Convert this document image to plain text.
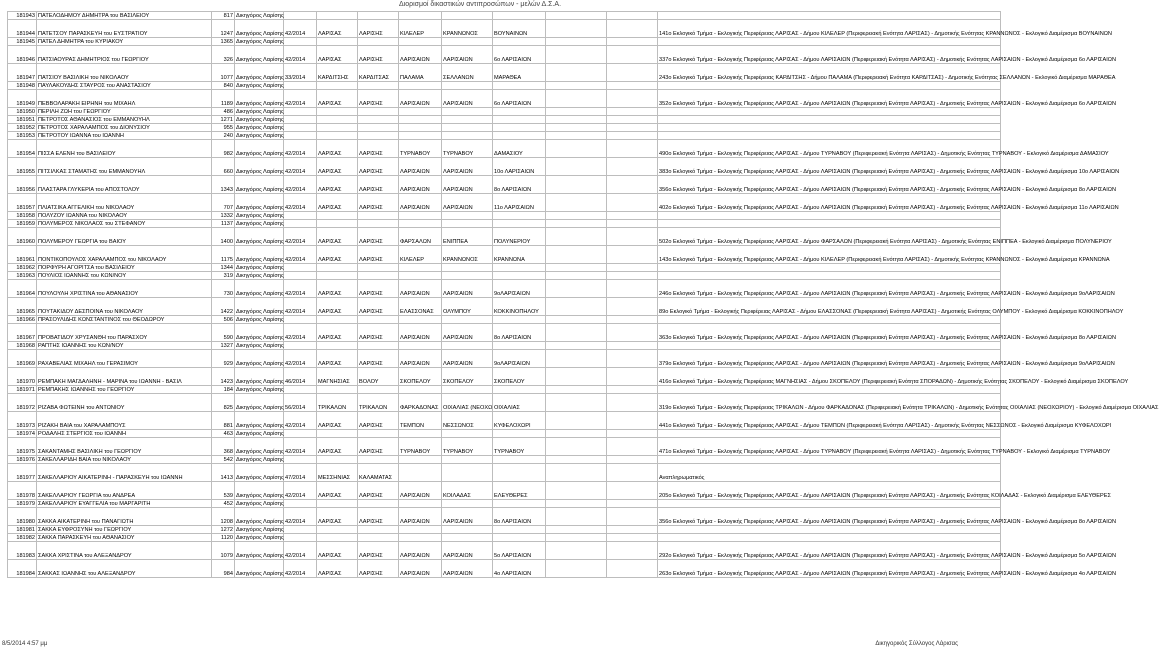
Διορισμοί δικαστικών αντιπροσώπων - μελών Δ.Σ.Α.
181943	ΠΑΤΕΛΟΔΗΜΟΥ ΔΗΜΗΤΡΑ του ΒΑΣΙΛΕΙΟΥ	817	Δικηγόρος Λαρίσης									
181944	ΠΑΤΕΤΣΟΥ ΠΑΡΑΣΚΕΥΗ του ΕΥΣΤΡΑΤΙΟΥ	1247	Δικηγόρος Λαρίσης	42/2014	ΛΑΡΙΣΑΣ	ΛΑΡΙΣΗΣ	ΚΙΛΕΛΕΡ	ΚΡΑΝΝΩΝΟΣ	ΒΟΥΝΑΙΝΩΝ			141ο Εκλογικό Τμήμα - Εκλογικής Περιφέρειας ΛΑΡΙΣΑΣ - Δήμου ΚΙΛΕΛΕΡ (Περιφερειακή Ενότητα ΛΑΡΙΣΑΣ) - Δημοτικής Ενότητας ΚΡΑΝΝΩΝΟΣ - Εκλογικό Διαμέρισμα ΒΟΥΝΑΙΝΩΝ
181945	ΠΑΤΕΛ ΔΗΜΗΤΡΑ του ΚΥΡΙΑΚΟΥ	1365	Δικηγόρος Λαρίσης									
181946	ΠΑΤΣΙΑΟΥΡΑΣ ΔΗΜΗΤΡΙΟΣ του ΓΕΩΡΓΙΟΥ	326	Δικηγόρος Λαρίσης	42/2014	ΛΑΡΙΣΑΣ	ΛΑΡΙΣΗΣ	ΛΑΡΙΣΑΙΩΝ	ΛΑΡΙΣΑΙΩΝ	6ο ΛΑΡΙΣΑΙΩΝ			337ο Εκλογικό Τμήμα - Εκλογικής Περιφέρειας ΛΑΡΙΣΑΣ - Δήμου ΛΑΡΙΣΑΙΩΝ (Περιφερειακή Ενότητα ΛΑΡΙΣΑΣ) - Δημοτικής Ενότητας ΛΑΡΙΣΑΙΩΝ - Εκλογικό Διαμέρισμα 6ο ΛΑΡΙΣΑΙΩΝ
181947	ΠΑΤΣΙΟΥ ΒΑΣΙΛΙΚΗ του ΝΙΚΟΛΑΟΥ	1077	Δικηγόρος Λαρίσης	33/2014	ΚΑΡΔΙΤΣΗΣ	ΚΑΡΔΙΤΣΑΣ	ΠΑΛΑΜΑ	ΣΕΛΛΑΝΩΝ	ΜΑΡΑΘΕΑ			243ο Εκλογικό Τμήμα - Εκλογικής Περιφέρειας ΚΑΡΔΙΤΣΗΣ - Δήμου ΠΑΛΑΜΑ (Περιφερειακή Ενότητα ΚΑΡΔΙΤΣΑΣ) - Δημοτικής Ενότητας ΣΕΛΛΑΝΩΝ - Εκλογικό Διαμέρισμα ΜΑΡΑΘΕΑ
181948	ΠΑΥΛΑΚΟΥΔΗΣ ΣΤΑΥΡΟΣ του ΑΝΑΣΤΑΣΙΟΥ	840	Δικηγόρος Λαρίσης									
181949	ΠΕΒΒΟΛΑΡΑΚΗ ΕΙΡΗΝΗ του ΜΙΧΑΗΛ	1189	Δικηγόρος Λαρίσης	42/2014	ΛΑΡΙΣΑΣ	ΛΑΡΙΣΗΣ	ΛΑΡΙΣΑΙΩΝ	ΛΑΡΙΣΑΙΩΝ	6ο ΛΑΡΙΣΑΙΩΝ			352ο Εκλογικό Τμήμα - Εκλογικής Περιφέρειας ΛΑΡΙΣΑΣ - Δήμου ΛΑΡΙΣΑΙΩΝ (Περιφερειακή Ενότητα ΛΑΡΙΣΑΣ) - Δημοτικής Ενότητας ΛΑΡΙΣΑΙΩΝ - Εκλογικό Διαμέρισμα 6ο ΛΑΡΙΣΑΙΩΝ
181950	ΠΕΡΙΛΗ ΖΩΗ του ΓΕΩΡΓΙΟΥ	486	Δικηγόρος Λαρίσης									
181951	ΠΕΤΡΟΤΟΣ ΑΘΑΝΑΣΙΟΣ του ΕΜΜΑΝΟΥΗΛ	1271	Δικηγόρος Λαρίσης									
181952	ΠΕΤΡΟΤΟΣ ΧΑΡΑΛΑΜΠΟΣ του ΔΙΟΝΥΣΙΟΥ	955	Δικηγόρος Λαρίσης									
181953	ΠΕΤΡΟΤΟΥ ΙΩΑΝΝΑ του ΙΩΑΝΝΗ	240	Δικηγόρος Λαρίσης									
181954	ΠΙΣΣΑ ΕΛΕΝΗ του ΒΑΣΙΛΕΙΟΥ	982	Δικηγόρος Λαρίσης	42/2014	ΛΑΡΙΣΑΣ	ΛΑΡΙΣΗΣ	ΤΥΡΝΑΒΟΥ	ΤΥΡΝΑΒΟΥ	ΔΑΜΑΣΙΟΥ			490ο Εκλογικό Τμήμα - Εκλογικής Περιφέρειας ΛΑΡΙΣΑΣ - Δήμου ΤΥΡΝΑΒΟΥ (Περιφερειακή Ενότητα ΛΑΡΙΣΑΣ) - Δημοτικής Ενότητας ΤΥΡΝΑΒΟΥ - Εκλογικό Διαμέρισμα ΔΑΜΑΣΙΟΥ
181955	ΠΙΤΣΙΛΚΑΣ ΣΤΑΜΑΤΗΣ του ΕΜΜΑΝΟΥΗΛ	660	Δικηγόρος Λαρίσης	42/2014	ΛΑΡΙΣΑΣ	ΛΑΡΙΣΗΣ	ΛΑΡΙΣΑΙΩΝ	ΛΑΡΙΣΑΙΩΝ	10ο ΛΑΡΙΣΑΙΩΝ			383ο Εκλογικό Τμήμα - Εκλογικής Περιφέρειας ΛΑΡΙΣΑΣ - Δήμου ΛΑΡΙΣΑΙΩΝ (Περιφερειακή Ενότητα ΛΑΡΙΣΑΣ) - Δημοτικής Ενότητας ΛΑΡΙΣΑΙΩΝ - Εκλογικό Διαμέρισμα 10ο ΛΑΡΙΣΑΙΩΝ
181956	ΠΛΑΣΤΑΡΑ ΓΛΥΚΕΡΙΑ του ΑΠΟΣΤΟΛΟΥ	1343	Δικηγόρος Λαρίσης	42/2014	ΛΑΡΙΣΑΣ	ΛΑΡΙΣΗΣ	ΛΑΡΙΣΑΙΩΝ	ΛΑΡΙΣΑΙΩΝ	8ο ΛΑΡΙΣΑΙΩΝ			356ο Εκλογικό Τμήμα - Εκλογικής Περιφέρειας ΛΑΡΙΣΑΣ - Δήμου ΛΑΡΙΣΑΙΩΝ (Περιφερειακή Ενότητα ΛΑΡΙΣΑΣ) - Δημοτικής Ενότητας ΛΑΡΙΣΑΙΩΝ - Εκλογικό Διαμέρισμα 8ο ΛΑΡΙΣΑΙΩΝ
181957	ΠΛΙΑΤΣΙΚΑ ΑΓΓΕΛΙΚΗ του ΝΙΚΟΛΑΟΥ	707	Δικηγόρος Λαρίσης	42/2014	ΛΑΡΙΣΑΣ	ΛΑΡΙΣΗΣ	ΛΑΡΙΣΑΙΩΝ	ΛΑΡΙΣΑΙΩΝ	11ο ΛΑΡΙΣΑΙΩΝ			402ο Εκλογικό Τμήμα - Εκλογικής Περιφέρειας ΛΑΡΙΣΑΣ - Δήμου ΛΑΡΙΣΑΙΩΝ (Περιφερειακή Ενότητα ΛΑΡΙΣΑΣ) - Δημοτικής Ενότητας ΛΑΡΙΣΑΙΩΝ - Εκλογικό Διαμέρισμα 11ο ΛΑΡΙΣΑΙΩΝ
181958	ΠΟΛΥΖΟΥ ΙΩΑΝΝΑ του ΝΙΚΟΛΑΟΥ	1332	Δικηγόρος Λαρίσης									
181959	ΠΟΛΥΜΕΡΟΣ ΝΙΚΟΛΑΟΣ του ΣΤΕΦΑΝΟΥ	1137	Δικηγόρος Λαρίσης									
181960	ΠΟΛΥΜΕΡΟΥ ΓΕΩΡΓΙΑ του ΒΑΙΟΥ	1400	Δικηγόρος Λαρίσης	42/2014	ΛΑΡΙΣΑΣ	ΛΑΡΙΣΗΣ	ΦΑΡΣΑΛΩΝ	ΕΝΙΠΠΕΑ	ΠΟΛΥΝΕΡΙΟΥ			502ο Εκλογικό Τμήμα - Εκλογικής Περιφέρειας ΛΑΡΙΣΑΣ - Δήμου ΦΑΡΣΑΛΩΝ (Περιφερειακή Ενότητα ΛΑΡΙΣΑΣ) - Δημοτικής Ενότητας ΕΝΙΠΠΕΑ - Εκλογικό Διαμέρισμα ΠΟΛΥΝΕΡΙΟΥ
181961	ΠΟΝΤΙΚΟΠΟΥΛΟΣ ΧΑΡΑΛΑΜΠΟΣ του ΝΙΚΟΛΑΟΥ	1175	Δικηγόρος Λαρίσης	42/2014	ΛΑΡΙΣΑΣ	ΛΑΡΙΣΗΣ	ΚΙΛΕΛΕΡ	ΚΡΑΝΝΩΝΟΣ	ΚΡΑΝΝΩΝΑ			143ο Εκλογικό Τμήμα - Εκλογικής Περιφέρειας ΛΑΡΙΣΑΣ - Δήμου ΚΙΛΕΛΕΡ (Περιφερειακή Ενότητα ΛΑΡΙΣΑΣ) - Δημοτικής Ενότητας ΚΡΑΝΝΩΝΟΣ - Εκλογικό Διαμέρισμα ΚΡΑΝΝΩΝΑ
181962	ΠΟΡΦΥΡΗ ΑΓΟΡΙΤΣΑ του ΒΑΣΙΛΕΙΟΥ	1344	Δικηγόρος Λαρίσης									
181963	ΠΟΥΛΙΟΣ ΙΩΑΝΝΗΣ του ΚΩΝ/ΝΟΥ	319	Δικηγόρος Λαρίσης									
181964	ΠΟΥΛΟΥΛΗ ΧΡΙΣΤΙΝΑ του ΑΘΑΝΑΣΙΟΥ	730	Δικηγόρος Λαρίσης	42/2014	ΛΑΡΙΣΑΣ	ΛΑΡΙΣΗΣ	ΛΑΡΙΣΑΙΩΝ	ΛΑΡΙΣΑΙΩΝ	9οΛΑΡΙΣΑΙΩΝ			246ο Εκλογικό Τμήμα - Εκλογικής Περιφέρειας ΛΑΡΙΣΑΣ - Δήμου ΛΑΡΙΣΑΙΩΝ (Περιφερειακή Ενότητα ΛΑΡΙΣΑΣ) - Δημοτικής Ενότητας ΛΑΡΙΣΑΙΩΝ - Εκλογικό Διαμέρισμα 9οΛΑΡΙΣΑΙΩΝ
181965	ΠΟΥΤΑΚΙΔΟΥ ΔΕΣΠΟΙΝΑ του ΝΙΚΟΛΑΟΥ	1422	Δικηγόρος Λαρίσης	42/2014	ΛΑΡΙΣΑΣ	ΛΑΡΙΣΗΣ	ΕΛΑΣΣΟΝΑΣ	ΟΛΥΜΠΟΥ	ΚΟΚΚΙΝΟΠΗΛΟΥ			89ο Εκλογικό Τμήμα - Εκλογικής Περιφέρειας ΛΑΡΙΣΑΣ - Δήμου ΕΛΑΣΣΟΝΑΣ (Περιφερειακή Ενότητα ΛΑΡΙΣΑΣ) - Δημοτικής Ενότητας ΟΛΥΜΠΟΥ - Εκλογικό Διαμέρισμα ΚΟΚΚΙΝΟΠΗΛΟΥ
181966	ΠΡΑΣΟΥΛΙΔΗΣ ΚΩΝΣΤΑΝΤΙΝΟΣ του ΘΕΟΔΩΡΟΥ	506	Δικηγόρος Λαρίσης									
181967	ΠΡΟΒΑΤΙΔΟΥ ΧΡΥΣΑΝΘΗ του ΠΑΡΑΣΧΟΥ	590	Δικηγόρος Λαρίσης	42/2014	ΛΑΡΙΣΑΣ	ΛΑΡΙΣΗΣ	ΛΑΡΙΣΑΙΩΝ	ΛΑΡΙΣΑΙΩΝ	8ο ΛΑΡΙΣΑΙΩΝ			363ο Εκλογικό Τμήμα - Εκλογικής Περιφέρειας ΛΑΡΙΣΑΣ - Δήμου ΛΑΡΙΣΑΙΩΝ (Περιφερειακή Ενότητα ΛΑΡΙΣΑΣ) - Δημοτικής Ενότητας ΛΑΡΙΣΑΙΩΝ - Εκλογικό Διαμέρισμα 8ο ΛΑΡΙΣΑΙΩΝ
181968	ΡΑΠΤΗΣ ΙΩΑΝΝΗΣ του ΚΩΝ/ΝΟΥ	1327	Δικηγόρος Λαρίσης									
181969	ΡΑΧΑΒΕΛΙΑΣ ΜΙΧΑΗΛ του ΓΕΡΑΣΙΜΟΥ	929	Δικηγόρος Λαρίσης	42/2014	ΛΑΡΙΣΑΣ	ΛΑΡΙΣΗΣ	ΛΑΡΙΣΑΙΩΝ	ΛΑΡΙΣΑΙΩΝ	9οΛΑΡΙΣΑΙΩΝ			379ο Εκλογικό Τμήμα - Εκλογικής Περιφέρειας ΛΑΡΙΣΑΣ - Δήμου ΛΑΡΙΣΑΙΩΝ (Περιφερειακή Ενότητα ΛΑΡΙΣΑΣ) - Δημοτικής Ενότητας ΛΑΡΙΣΑΙΩΝ - Εκλογικό Διαμέρισμα 9οΛΑΡΙΣΑΙΩΝ
181970	ΡΕΜΠΑΚΗ ΜΑΓΔΑΛΗΝΗ - ΜΑΡΙΝΑ του ΙΩΑΝΝΗ - ΒΑΣΙΛ	1423	Δικηγόρος Λαρίσης	46/2014	ΜΑΓΝΗΣΙΑΣ	ΒΟΛΟΥ	ΣΚΟΠΕΛΟΥ	ΣΚΟΠΕΛΟΥ	ΣΚΟΠΕΛΟΥ			416ο Εκλογικό Τμήμα - Εκλογικής Περιφέρειας ΜΑΓΝΗΣΙΑΣ - Δήμου ΣΚΟΠΕΛΟΥ (Περιφερειακή Ενότητα ΣΠΟΡΑΔΩΝ) - Δημοτικής Ενότητας ΣΚΟΠΕΛΟΥ - Εκλογικό Διαμέρισμα ΣΚΟΠΕΛΟΥ
181971	ΡΕΜΠΑΚΗΣ ΙΩΑΝΝΗΣ του ΓΕΩΡΓΙΟΥ	184	Δικηγόρος Λαρίσης									
181972	ΡΙΖΑΒΑ ΦΩΤΕΙΝΗ του ΑΝΤΩΝΙΟΥ	825	Δικηγόρος Λαρίσης	56/2014	ΤΡΙΚΑΛΩΝ	ΤΡΙΚΑΛΩΝ	ΦΑΡΚΑΔΟΝΑΣ	ΟΙΧΑΛΙΑΣ (ΝΕΟΧΩ	ΟΙΧΑΛΙΑΣ			319ο Εκλογικό Τμήμα - Εκλογικής Περιφέρειας ΤΡΙΚΑΛΩΝ - Δήμου ΦΑΡΚΑΔΟΝΑΣ (Περιφερειακή Ενότητα ΤΡΙΚΑΛΩΝ) - Δημοτικής Ενότητας ΟΙΧΑΛΙΑΣ (ΝΕΟΧΩΡΙΟΥ) - Εκλογικό Διαμέρισμα ΟΙΧΑΛΙΑΣ
181973	ΡΙΖΑΚΗ ΒΑΙΑ του ΧΑΡΑΛΑΜΠΟΥΣ	881	Δικηγόρος Λαρίσης	42/2014	ΛΑΡΙΣΑΣ	ΛΑΡΙΣΗΣ	ΤΕΜΠΩΝ	ΝΕΣΣΩΝΟΣ	ΚΥΦΕΛΟΧΩΡΙ			441ο Εκλογικό Τμήμα - Εκλογικής Περιφέρειας ΛΑΡΙΣΑΣ - Δήμου ΤΕΜΠΩΝ (Περιφερειακή Ενότητα ΛΑΡΙΣΑΣ) - Δημοτικής Ενότητας ΝΕΣΣΩΝΟΣ - Εκλογικό Διαμέρισμα ΚΥΦΕΛΟΧΩΡΙ
181974	ΡΟΔΑΛΗΣ ΣΤΕΡΓΙΟΣ του ΙΩΑΝΝΗ	463	Δικηγόρος Λαρίσης									
181975	ΣΑΚΑΝΤΑΜΗΣ ΒΑΣΙΛΙΚΗ του ΓΕΩΡΓΙΟΥ	368	Δικηγόρος Λαρίσης	42/2014	ΛΑΡΙΣΑΣ	ΛΑΡΙΣΗΣ	ΤΥΡΝΑΒΟΥ	ΤΥΡΝΑΒΟΥ	ΤΥΡΝΑΒΟΥ			471ο Εκλογικό Τμήμα - Εκλογικής Περιφέρειας ΛΑΡΙΣΑΣ - Δήμου ΤΥΡΝΑΒΟΥ (Περιφερειακή Ενότητα ΛΑΡΙΣΑΣ) - Δημοτικής Ενότητας ΤΥΡΝΑΒΟΥ - Εκλογικό Διαμέρισμα ΤΥΡΝΑΒΟΥ
181976	ΣΑΚΕΛΛΑΡΙΔΗ ΒΑΙΑ του ΝΙΚΟΛΑΟΥ	542	Δικηγόρος Λαρίσης									
181977	ΣΑΚΕΛΛΑΡΙΟΥ ΑΙΚΑΤΕΡΙΝΗ - ΠΑΡΑΣΚΕΥΗ του ΙΩΑΝΝΗ	1413	Δικηγόρος Λαρίσης	47/2014	ΜΕΣΣΗΝΙΑΣ	ΚΑΛΑΜΑΤΑΣ						Αναπληρωματικός
181978	ΣΑΚΕΛΛΑΡΙΟΥ ΓΕΩΡΓΙΑ του ΑΝΔΡΕΑ	539	Δικηγόρος Λαρίσης	42/2014	ΛΑΡΙΣΑΣ	ΛΑΡΙΣΗΣ	ΛΑΡΙΣΑΙΩΝ	ΚΟΙΛΑΔΑΣ	ΕΛΕΥΘΕΡΕΣ			205ο Εκλογικό Τμήμα - Εκλογικής Περιφέρειας ΛΑΡΙΣΑΣ - Δήμου ΛΑΡΙΣΑΙΩΝ (Περιφερειακή Ενότητα ΛΑΡΙΣΑΣ) - Δημοτικής Ενότητας ΚΟΙΛΑΔΑΣ - Εκλογικό Διαμέρισμα ΕΛΕΥΘΕΡΕΣ
181979	ΣΑΚΕΛΛΑΡΙΟΥ ΕΥΑΓΓΕΛΙΑ του ΜΑΡΓΑΡΙΤΗ	452	Δικηγόρος Λαρίσης									
181980	ΣΑΚΚΑ ΑΙΚΑΤΕΡΙΝΗ του ΠΑΝΑΓΙΩΤΗ	1208	Δικηγόρος Λαρίσης	42/2014	ΛΑΡΙΣΑΣ	ΛΑΡΙΣΗΣ	ΛΑΡΙΣΑΙΩΝ	ΛΑΡΙΣΑΙΩΝ	8ο ΛΑΡΙΣΑΙΩΝ			356ο Εκλογικό Τμήμα - Εκλογικής Περιφέρειας ΛΑΡΙΣΑΣ - Δήμου ΛΑΡΙΣΑΙΩΝ (Περιφερειακή Ενότητα ΛΑΡΙΣΑΣ) - Δημοτικής Ενότητας ΛΑΡΙΣΑΙΩΝ - Εκλογικό Διαμέρισμα 8ο ΛΑΡΙΣΑΙΩΝ
181981	ΣΑΚΚΑ ΕΥΦΡΟΣΥΝΗ του ΓΕΩΡΓΙΟΥ	1272	Δικηγόρος Λαρίσης									
181982	ΣΑΚΚΑ ΠΑΡΑΣΚΕΥΗ του ΑΘΑΝΑΣΙΟΥ	1120	Δικηγόρος Λαρίσης									
181983	ΣΑΚΚΑ ΧΡΙΣΤΙΝΑ του ΑΛΕΞΑΝΔΡΟΥ	1079	Δικηγόρος Λαρίσης	42/2014	ΛΑΡΙΣΑΣ	ΛΑΡΙΣΗΣ	ΛΑΡΙΣΑΙΩΝ	ΛΑΡΙΣΑΙΩΝ	5ο ΛΑΡΙΣΑΙΩΝ			292ο Εκλογικό Τμήμα - Εκλογικής Περιφέρειας ΛΑΡΙΣΑΣ - Δήμου ΛΑΡΙΣΑΙΩΝ (Περιφερειακή Ενότητα ΛΑΡΙΣΑΣ) - Δημοτικής Ενότητας ΛΑΡΙΣΑΙΩΝ - Εκλογικό Διαμέρισμα 5ο ΛΑΡΙΣΑΙΩΝ
181984	ΣΑΚΚΑΣ ΙΩΑΝΝΗΣ του ΑΛΕΞΑΝΔΡΟΥ	984	Δικηγόρος Λαρίσης	42/2014	ΛΑΡΙΣΑΣ	ΛΑΡΙΣΗΣ	ΛΑΡΙΣΑΙΩΝ	ΛΑΡΙΣΑΙΩΝ	4ο ΛΑΡΙΣΑΙΩΝ			263ο Εκλογικό Τμήμα - Εκλογικής Περιφέρειας ΛΑΡΙΣΑΣ - Δήμου ΛΑΡΙΣΑΙΩΝ (Περιφερειακή Ενότητα ΛΑΡΙΣΑΣ) - Δημοτικής Ενότητας ΛΑΡΙΣΑΙΩΝ - Εκλογικό Διαμέρισμα 4ο ΛΑΡΙΣΑΙΩΝ
8/5/2014 4:57 μμ	Δικηγορικός Σύλλογος Λάρισας
